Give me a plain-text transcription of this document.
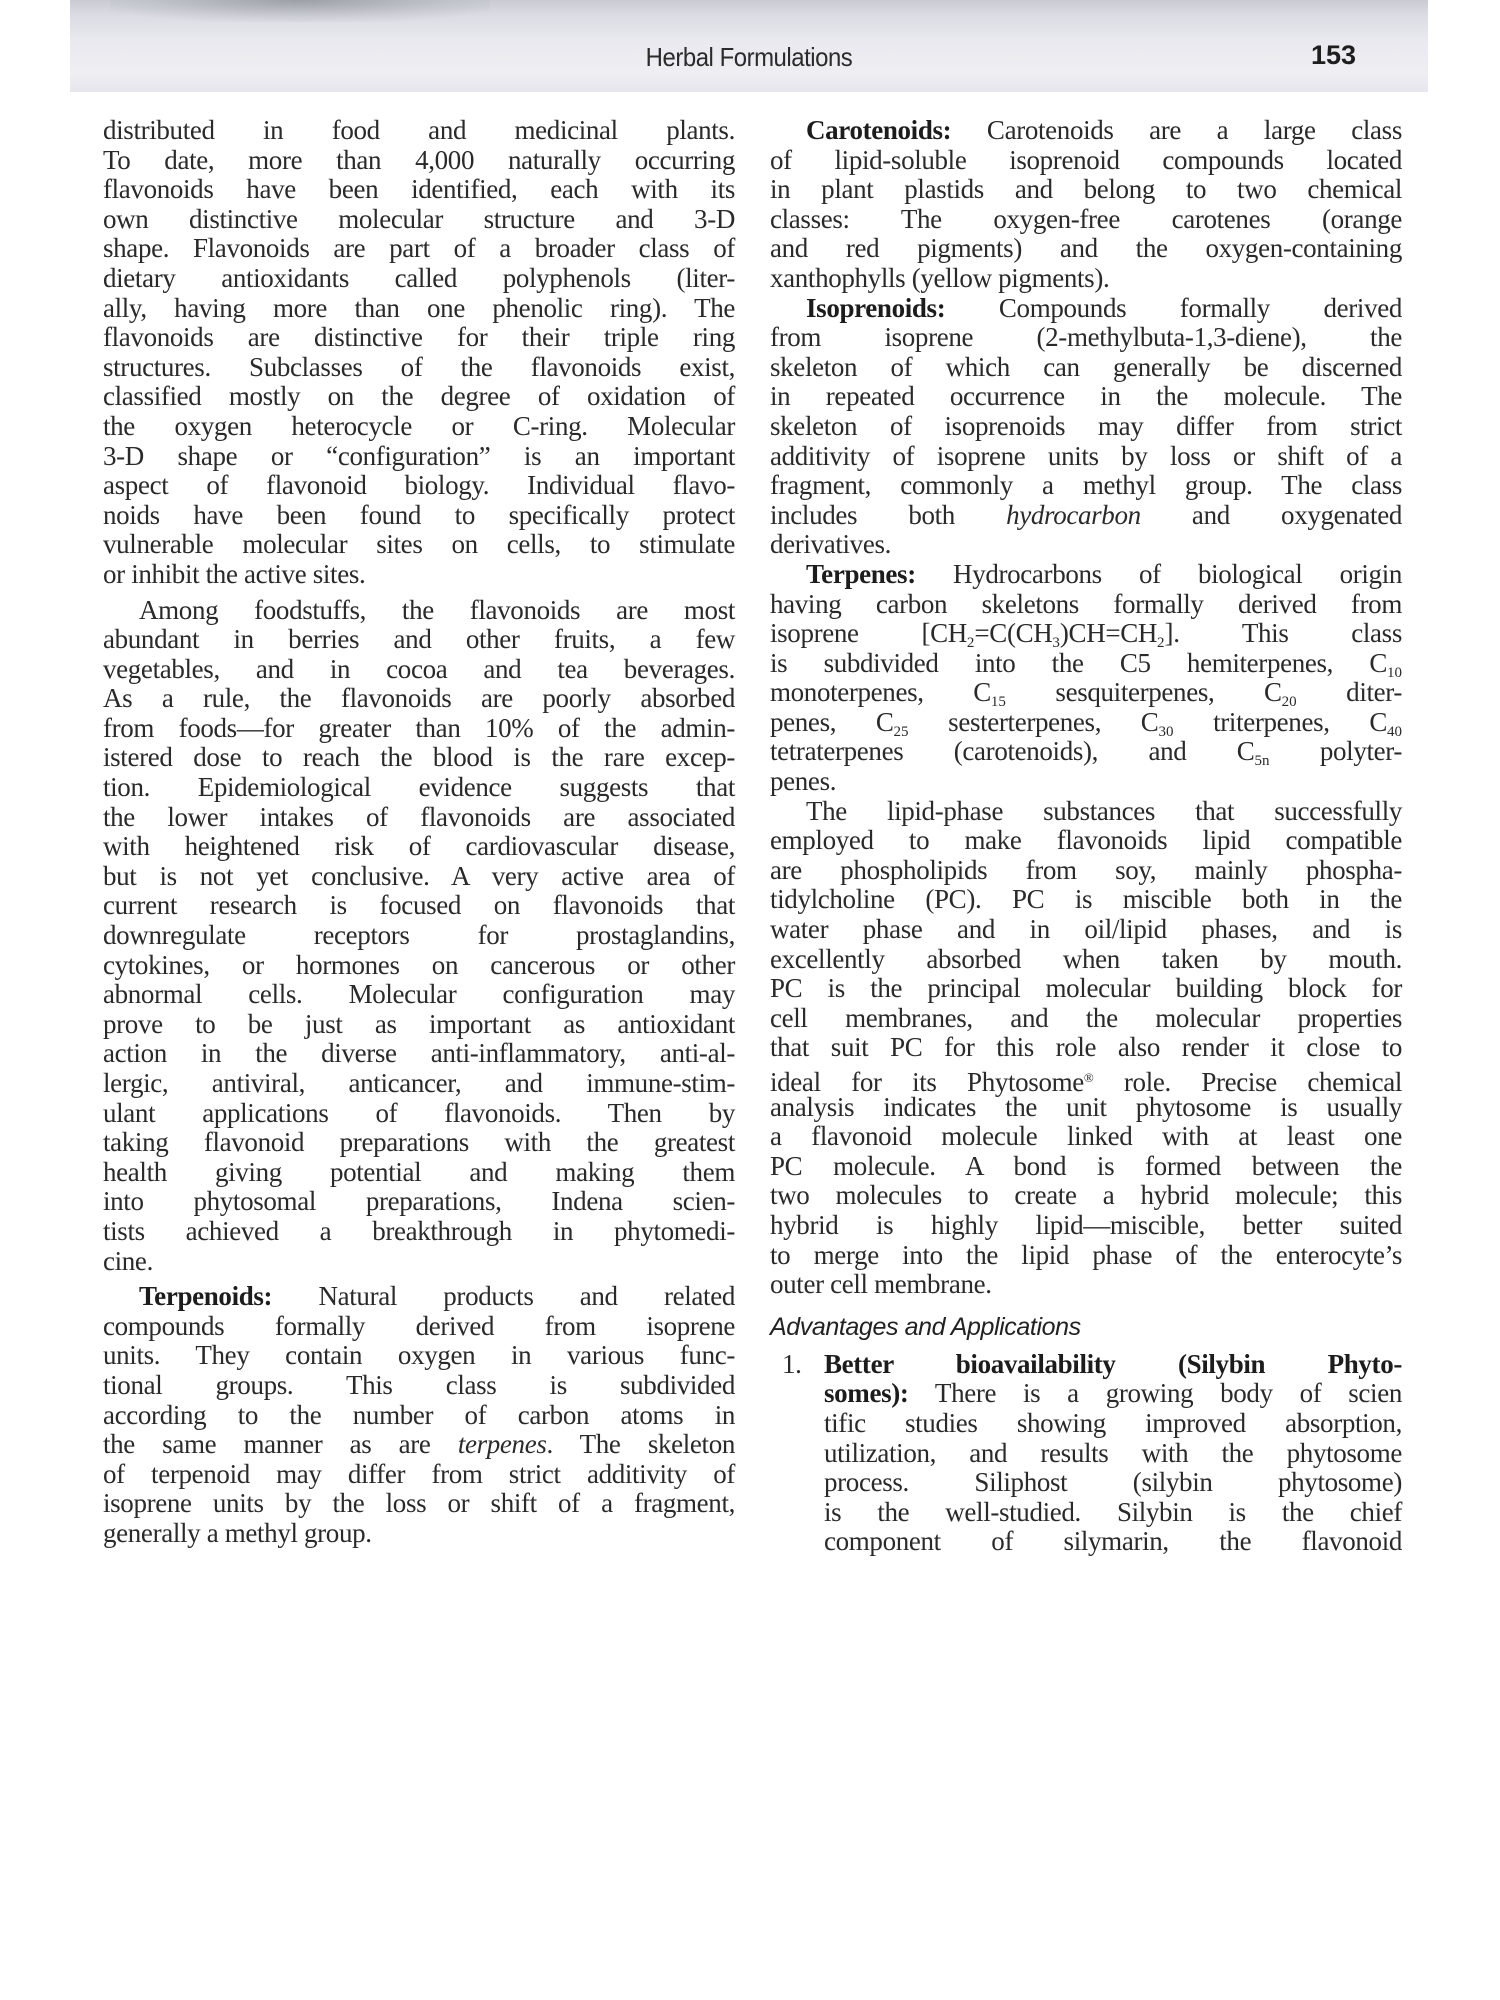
Herbal Formulations	153
distributed in food and medicinal plants.
To date, more than 4,000 naturally occurring
flavonoids have been identified, each with its
own distinctive molecular structure and 3-D
shape. Flavonoids are part of a broader class of
dietary antioxidants called polyphenols (liter-
ally, having more than one phenolic ring). The
flavonoids are distinctive for their triple ring
structures. Subclasses of the flavonoids exist,
classified mostly on the degree of oxidation of
the oxygen heterocycle or C-ring. Molecular
3-D shape or “configuration” is an important
aspect of flavonoid biology. Individual flavo-
noids have been found to specifically protect
vulnerable molecular sites on cells, to stimulate
or inhibit the active sites.
Among foodstuffs, the flavonoids are most
abundant in berries and other fruits, a few
vegetables, and in cocoa and tea beverages.
As a rule, the flavonoids are poorly absorbed
from foods—for greater than 10% of the admin-
istered dose to reach the blood is the rare excep-
tion. Epidemiological evidence suggests that
the lower intakes of flavonoids are associated
with heightened risk of cardiovascular disease,
but is not yet conclusive. A very active area of
current research is focused on flavonoids that
downregulate receptors for prostaglandins,
cytokines, or hormones on cancerous or other
abnormal cells. Molecular configuration may
prove to be just as important as antioxidant
action in the diverse anti-inflammatory, anti-al-
lergic, antiviral, anticancer, and immune-stim-
ulant applications of flavonoids. Then by
taking flavonoid preparations with the greatest
health giving potential and making them
into phytosomal preparations, Indena scien-
tists achieved a breakthrough in phytomedi-
cine.
Terpenoids: Natural products and related
compounds formally derived from isoprene
units. They contain oxygen in various func-
tional groups. This class is subdivided
according to the number of carbon atoms in
the same manner as are terpenes. The skeleton
of terpenoid may differ from strict additivity of
isoprene units by the loss or shift of a fragment,
generally a methyl group.
Carotenoids: Carotenoids are a large class
of lipid-soluble isoprenoid compounds located
in plant plastids and belong to two chemical
classes: The oxygen-free carotenes (orange
and red pigments) and the oxygen-containing
xanthophylls (yellow pigments).
Isoprenoids: Compounds formally derived
from isoprene (2-methylbuta-1,3-diene), the
skeleton of which can generally be discerned
in repeated occurrence in the molecule. The
skeleton of isoprenoids may differ from strict
additivity of isoprene units by loss or shift of a
fragment, commonly a methyl group. The class
includes both hydrocarbon and oxygenated
derivatives.
Terpenes: Hydrocarbons of biological origin
having carbon skeletons formally derived from
isoprene $[CH_2=C(CH_3)CH=CH_2]$. This class
is subdivided into the C5 hemiterpenes, $C_{10}$
monoterpenes, $C_{15}$ sesquiterpenes, $C_{20}$ diter-
penes, $C_{25}$ sesterterpenes, $C_{30}$ triterpenes, $C_{40}$
tetraterpenes (carotenoids), and $C_{5n}$ polyter-
penes.
The lipid-phase substances that successfully
employed to make flavonoids lipid compatible
are phospholipids from soy, mainly phospha-
tidylcholine (PC). PC is miscible both in the
water phase and in oil/lipid phases, and is
excellently absorbed when taken by mouth.
PC is the principal molecular building block for
cell membranes, and the molecular properties
that suit PC for this role also render it close to
ideal for its Phytosome® role. Precise chemical
analysis indicates the unit phytosome is usually
a flavonoid molecule linked with at least one
PC molecule. A bond is formed between the
two molecules to create a hybrid molecule; this
hybrid is highly lipid—miscible, better suited
to merge into the lipid phase of the enterocyte’s
outer cell membrane.
Advantages and Applications
1. Better bioavailability (Silybin Phyto-
somes): There is a growing body of scien
tific studies showing improved absorption,
utilization, and results with the phytosome
process. Siliphost (silybin phytosome)
is the well-studied. Silybin is the chief
component of silymarin, the flavonoid
